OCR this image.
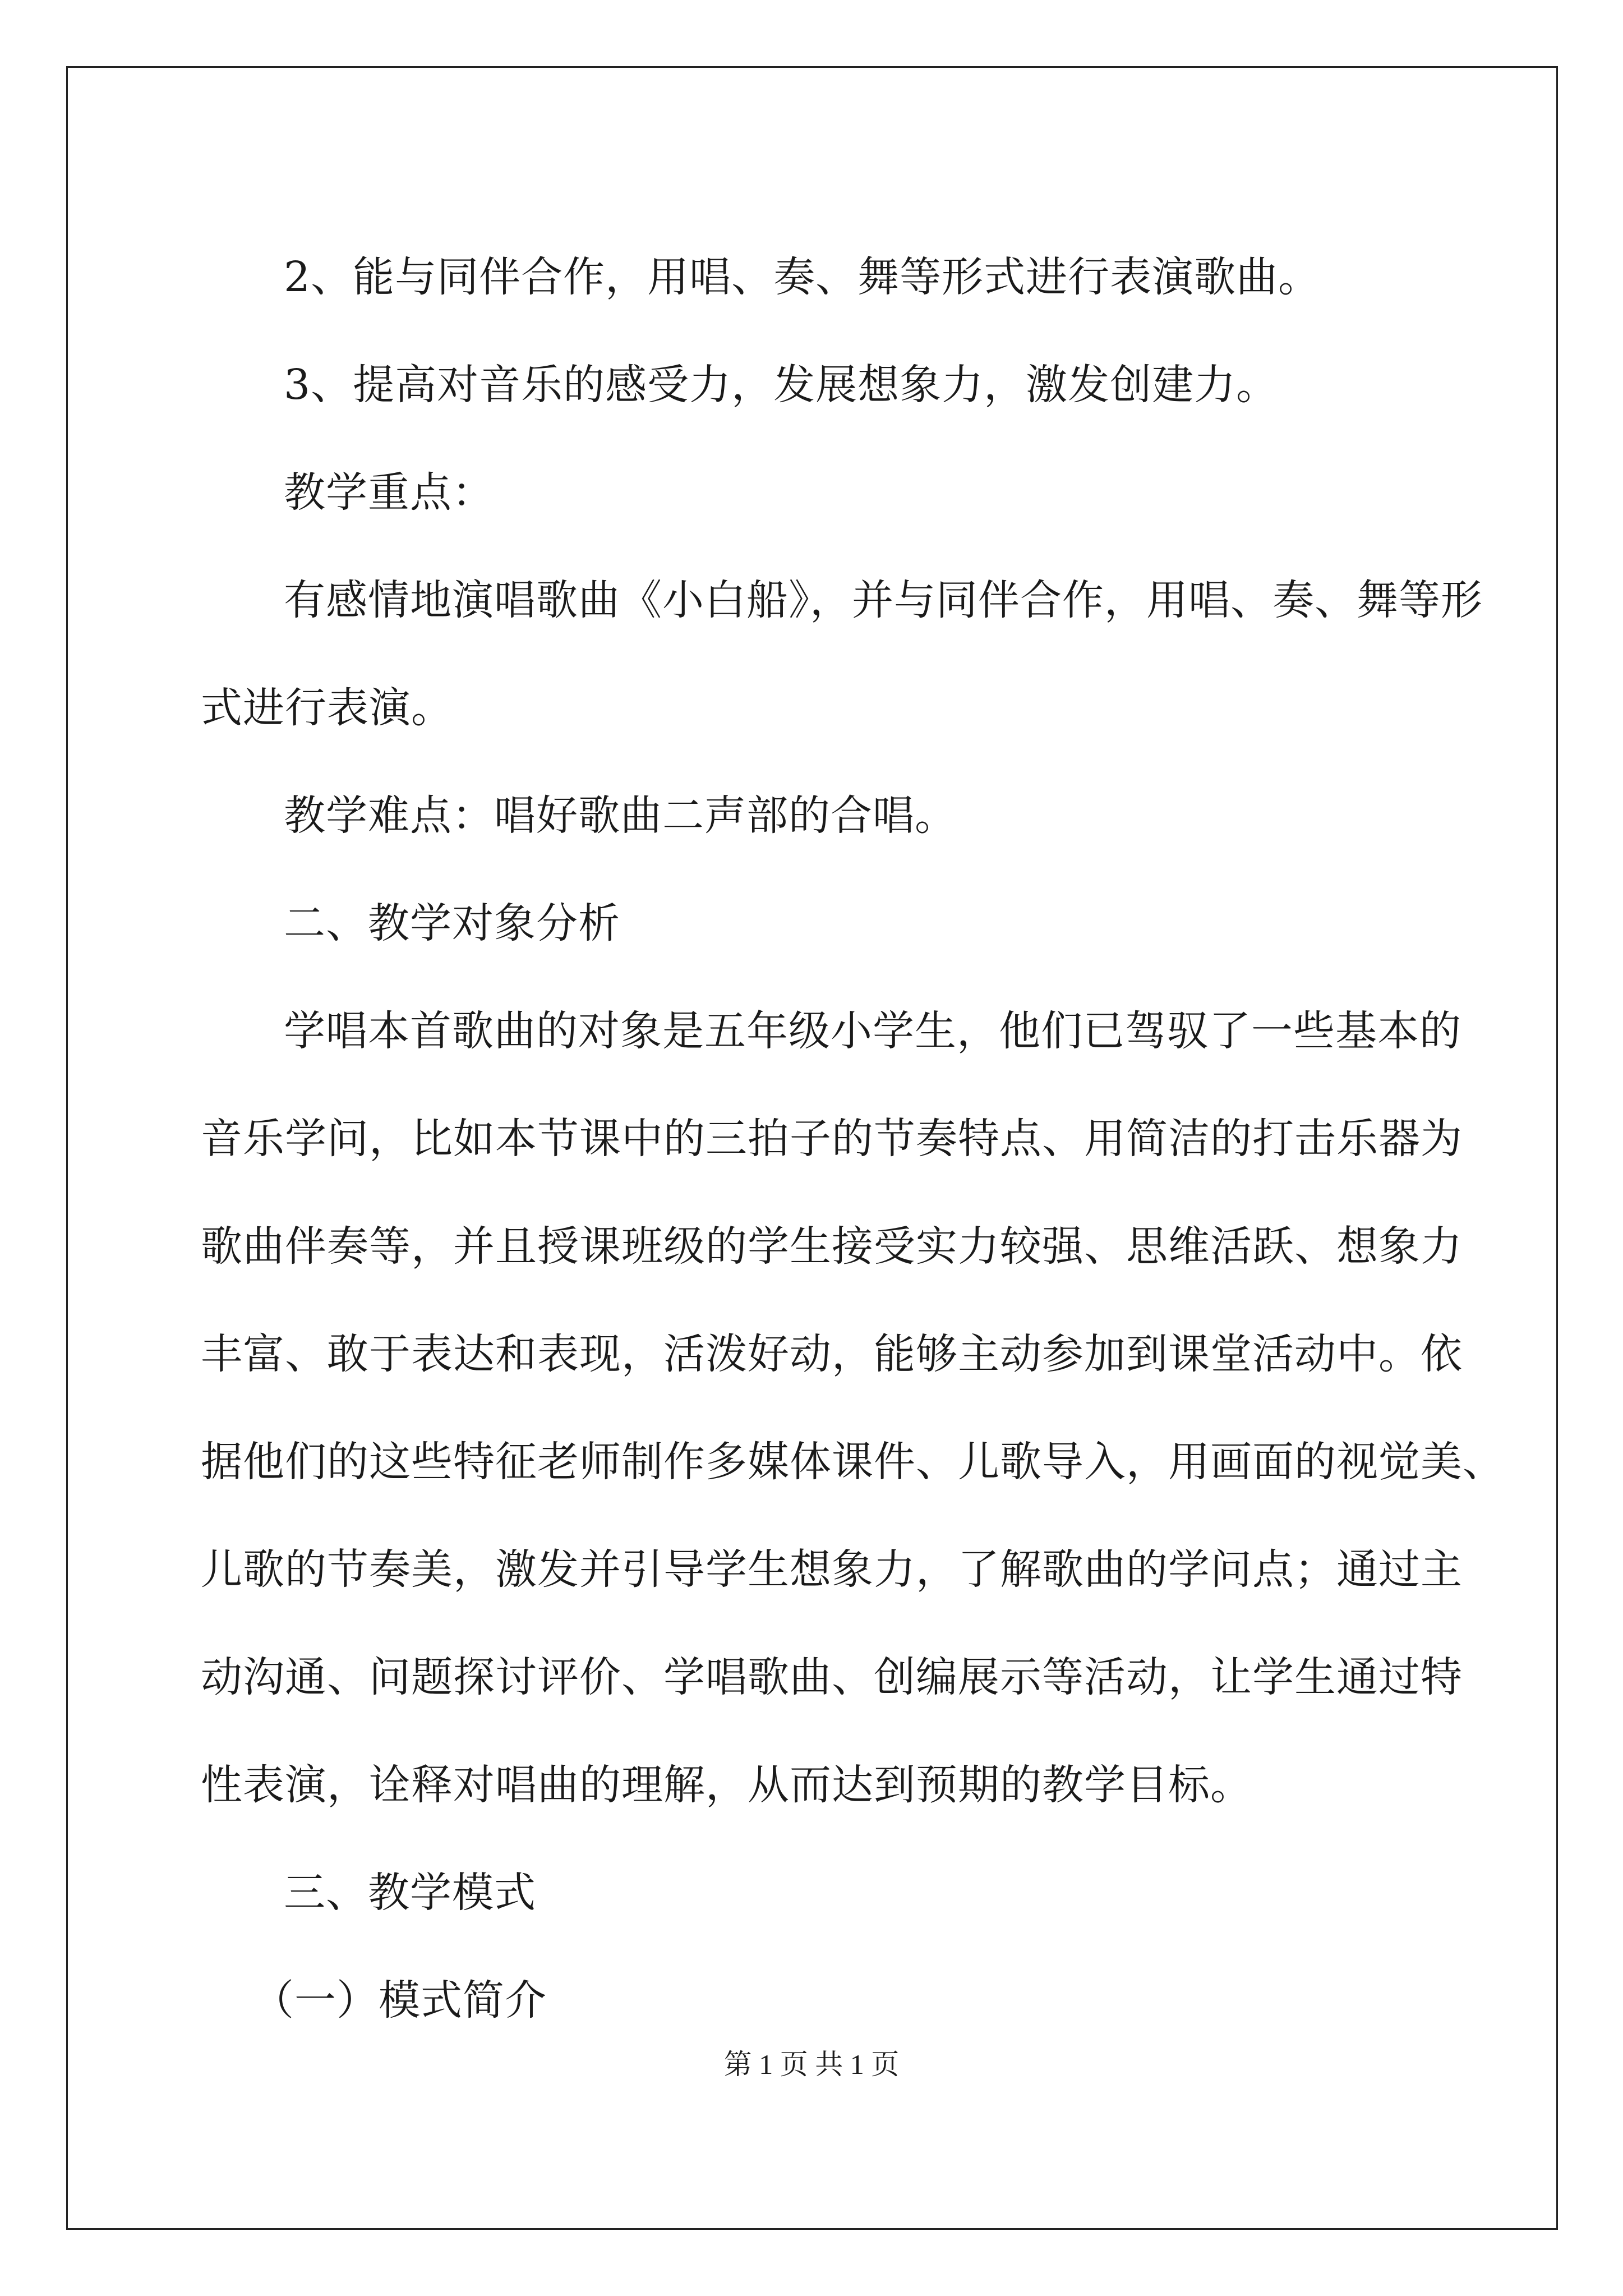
2、能与同伴合作，用唱、奏、舞等形式进行表演歌曲。

3、提高对音乐的感受力，发展想象力，激发创建力。

教学重点：

有感情地演唱歌曲《小白船》，并与同伴合作，用唱、奏、舞等形

式进行表演。

教学难点：唱好歌曲二声部的合唱。

二、教学对象分析

学唱本首歌曲的对象是五年级小学生，他们已驾驭了一些基本的

音乐学问，比如本节课中的三拍子的节奏特点、用简洁的打击乐器为

歌曲伴奏等，并且授课班级的学生接受实力较强、思维活跃、想象力

丰富、敢于表达和表现，活泼好动，能够主动参加到课堂活动中。依

据他们的这些特征老师制作多媒体课件、儿歌导入，用画面的视觉美、

儿歌的节奏美，激发并引导学生想象力，了解歌曲的学问点；通过主

动沟通、问题探讨评价、学唱歌曲、创编展示等活动，让学生通过特

性表演，诠释对唱曲的理解，从而达到预期的教学目标。

三、教学模式

（一）模式简介

第 1 页 共 1 页
